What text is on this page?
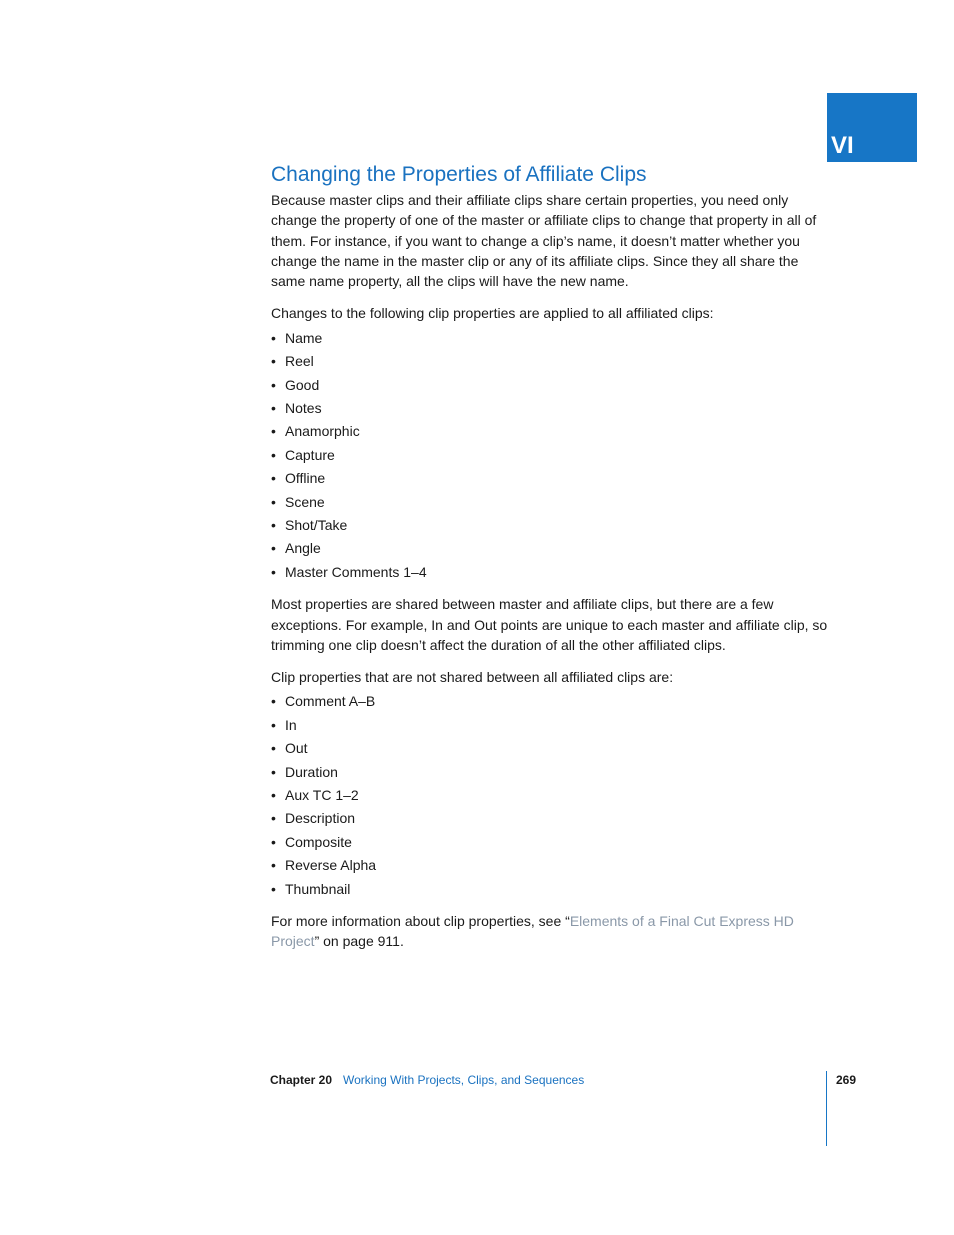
VI
Changing the Properties of Affiliate Clips

Because master clips and their affiliate clips share certain properties, you need only change the property of one of the master or affiliate clips to change that property in all of them. For instance, if you want to change a clip’s name, it doesn’t matter whether you change the name in the master clip or any of its affiliate clips. Since they all share the same name property, all the clips will have the new name.

Changes to the following clip properties are applied to all affiliated clips:

• Name
• Reel
• Good
• Notes
• Anamorphic
• Capture
• Offline
• Scene
• Shot/Take
• Angle
• Master Comments 1–4

Most properties are shared between master and affiliate clips, but there are a few exceptions. For example, In and Out points are unique to each master and affiliate clip, so trimming one clip doesn’t affect the duration of all the other affiliated clips.

Clip properties that are not shared between all affiliated clips are:

• Comment A–B
• In
• Out
• Duration
• Aux TC 1–2
• Description
• Composite
• Reverse Alpha
• Thumbnail

For more information about clip properties, see “Elements of a Final Cut Express HD Project” on page 911.

Chapter 20 Working With Projects, Clips, and Sequences	269
